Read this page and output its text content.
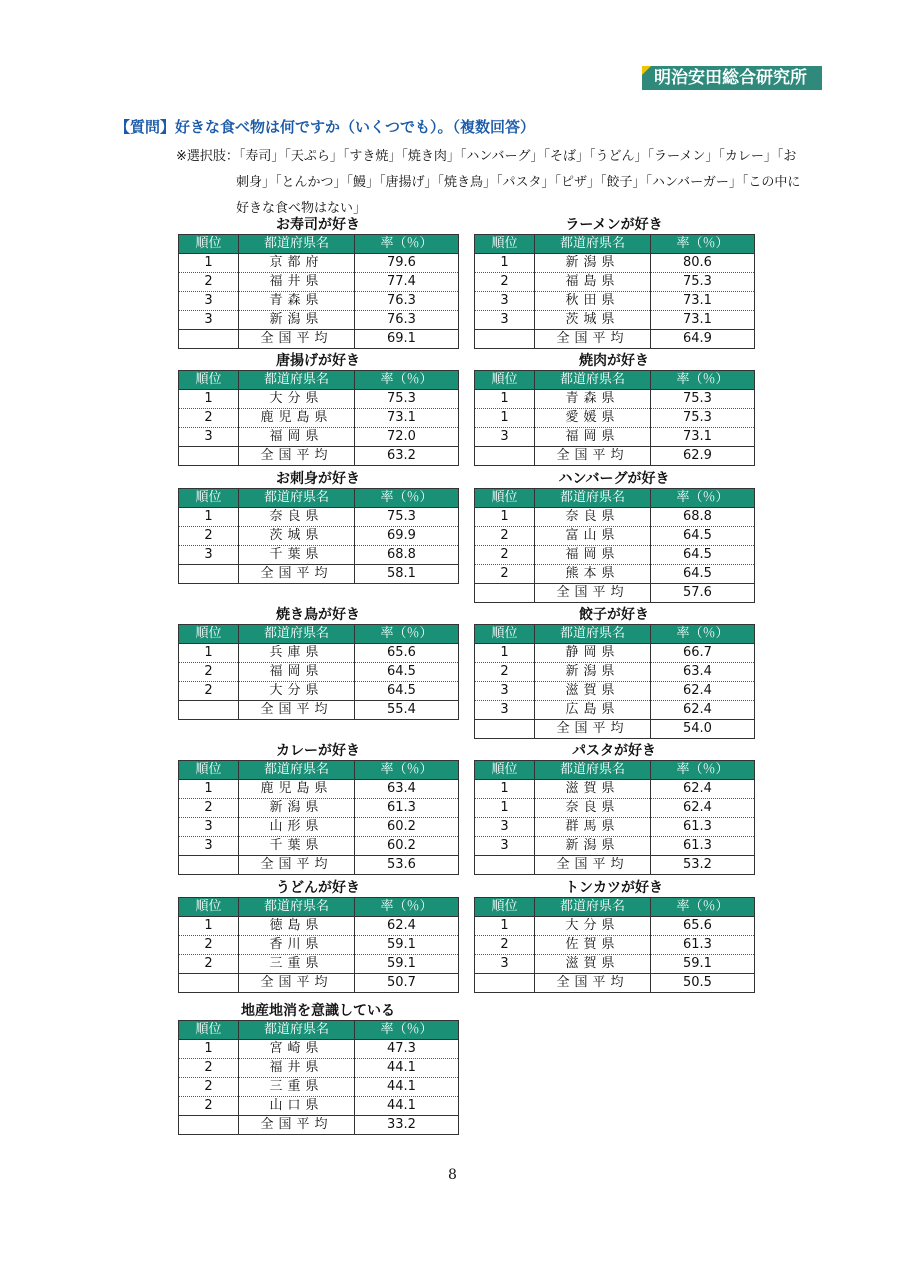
明治安田総合研究所
【質問】好きな食べ物は何ですか（いくつでも）。（複数回答）
※選択肢：「寿司」「天ぷら」「すき焼」「焼き肉」「ハンバーグ」「そば」「うどん」「ラーメン」「カレー」「お
刺身」「とんかつ」「鰻」「唐揚げ」「焼き鳥」「パスタ」「ピザ」「餃子」「ハンバーガー」「この中に
好きな食べ物はない」
お寿司が好き
順位	都道府県名	率（％）
1	京都府	79.6
2	福井県	77.4
3	青森県	76.3
3	新潟県	76.3
	全国平均	69.1
ラーメンが好き
順位	都道府県名	率（％）
1	新潟県	80.6
2	福島県	75.3
3	秋田県	73.1
3	茨城県	73.1
	全国平均	64.9
唐揚げが好き
順位	都道府県名	率（％）
1	大分県	75.3
2	鹿児島県	73.1
3	福岡県	72.0
	全国平均	63.2
焼肉が好き
順位	都道府県名	率（％）
1	青森県	75.3
1	愛媛県	75.3
3	福岡県	73.1
	全国平均	62.9
お刺身が好き
順位	都道府県名	率（％）
1	奈良県	75.3
2	茨城県	69.9
3	千葉県	68.8
	全国平均	58.1
ハンバーグが好き
順位	都道府県名	率（％）
1	奈良県	68.8
2	富山県	64.5
2	福岡県	64.5
2	熊本県	64.5
	全国平均	57.6
焼き鳥が好き
順位	都道府県名	率（％）
1	兵庫県	65.6
2	福岡県	64.5
2	大分県	64.5
	全国平均	55.4
餃子が好き
順位	都道府県名	率（％）
1	静岡県	66.7
2	新潟県	63.4
3	滋賀県	62.4
3	広島県	62.4
	全国平均	54.0
カレーが好き
順位	都道府県名	率（％）
1	鹿児島県	63.4
2	新潟県	61.3
3	山形県	60.2
3	千葉県	60.2
	全国平均	53.6
パスタが好き
順位	都道府県名	率（％）
1	滋賀県	62.4
1	奈良県	62.4
3	群馬県	61.3
3	新潟県	61.3
	全国平均	53.2
うどんが好き
順位	都道府県名	率（％）
1	徳島県	62.4
2	香川県	59.1
2	三重県	59.1
	全国平均	50.7
トンカツが好き
順位	都道府県名	率（％）
1	大分県	65.6
2	佐賀県	61.3
3	滋賀県	59.1
	全国平均	50.5
地産地消を意識している
順位	都道府県名	率（％）
1	宮崎県	47.3
2	福井県	44.1
2	三重県	44.1
2	山口県	44.1
	全国平均	33.2
8
